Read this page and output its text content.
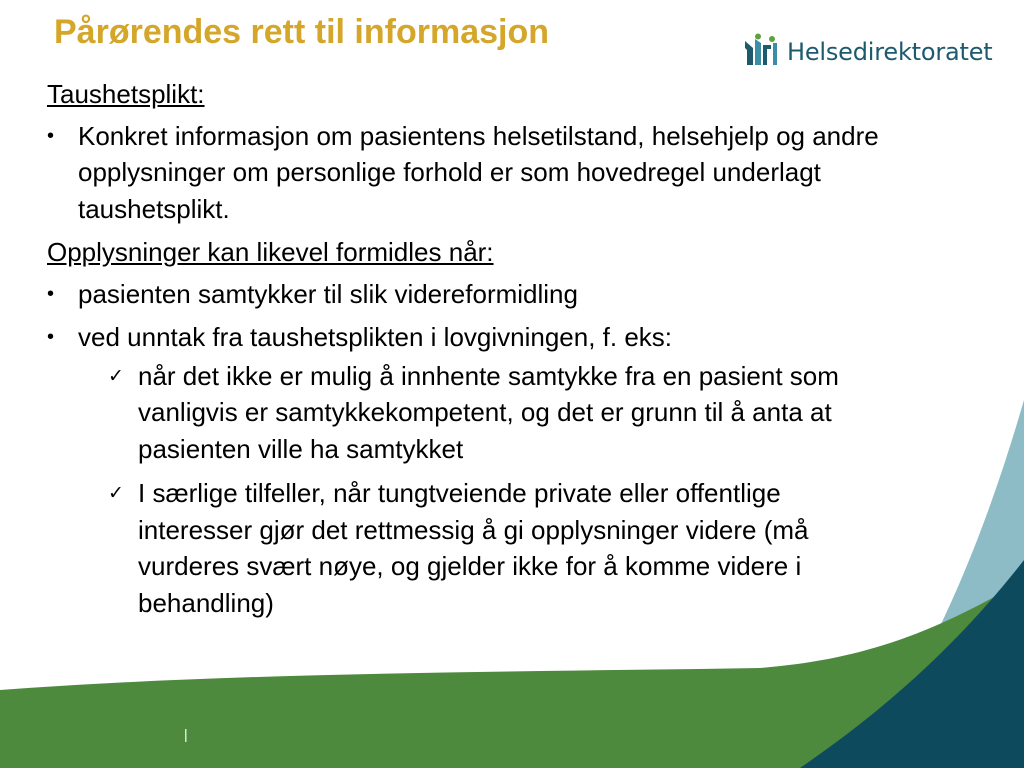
Pårørendes rett til informasjon
Helsedirektoratet

Taushetsplikt:

• Konkret informasjon om pasientens helsetilstand, helsehjelp og andre opplysninger om personlige forhold er som hovedregel underlagt taushetsplikt.

Opplysninger kan likevel formidles når:

• pasienten samtykker til slik videreformidling
• ved unntak fra taushetsplikten i lovgivningen, f. eks:
✓ når det ikke er mulig å innhente samtykke fra en pasient som vanligvis er samtykkekompetent, og det er grunn til å anta at pasienten ville ha samtykket
✓ I særlige tilfeller, når tungtveiende private eller offentlige interesser gjør det rettmessig å gi opplysninger videre (må vurderes svært nøye, og gjelder ikke for å komme videre i behandling)
|
